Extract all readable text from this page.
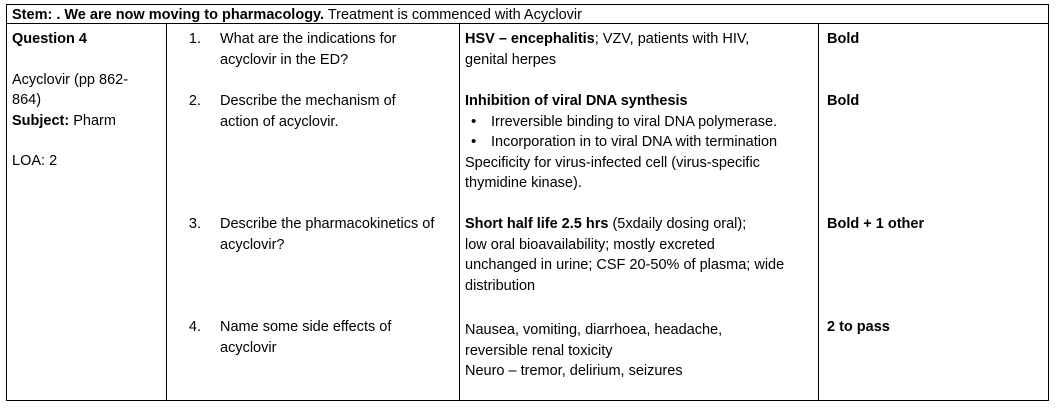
Stem: . We are now moving to pharmacology. Treatment is commenced with Acyclovir
Question 4
Acyclovir (pp 862-
864)
Subject: Pharm
LOA: 2
1. What are the indications for
acyclovir in the ED?
HSV – encephalitis; VZV, patients with HIV,
genital herpes
Bold
2. Describe the mechanism of
action of acyclovir.
Inhibition of viral DNA synthesis
• Irreversible binding to viral DNA polymerase.
• Incorporation in to viral DNA with termination
Specificity for virus-infected cell (virus-specific
thymidine kinase).
Bold
3. Describe the pharmacokinetics of
acyclovir?
Short half life 2.5 hrs (5xdaily dosing oral);
low oral bioavailability; mostly excreted
unchanged in urine; CSF 20-50% of plasma; wide
distribution
Bold + 1 other
4. Name some side effects of
acyclovir
Nausea, vomiting, diarrhoea, headache,
reversible renal toxicity
Neuro – tremor, delirium, seizures
2 to pass
